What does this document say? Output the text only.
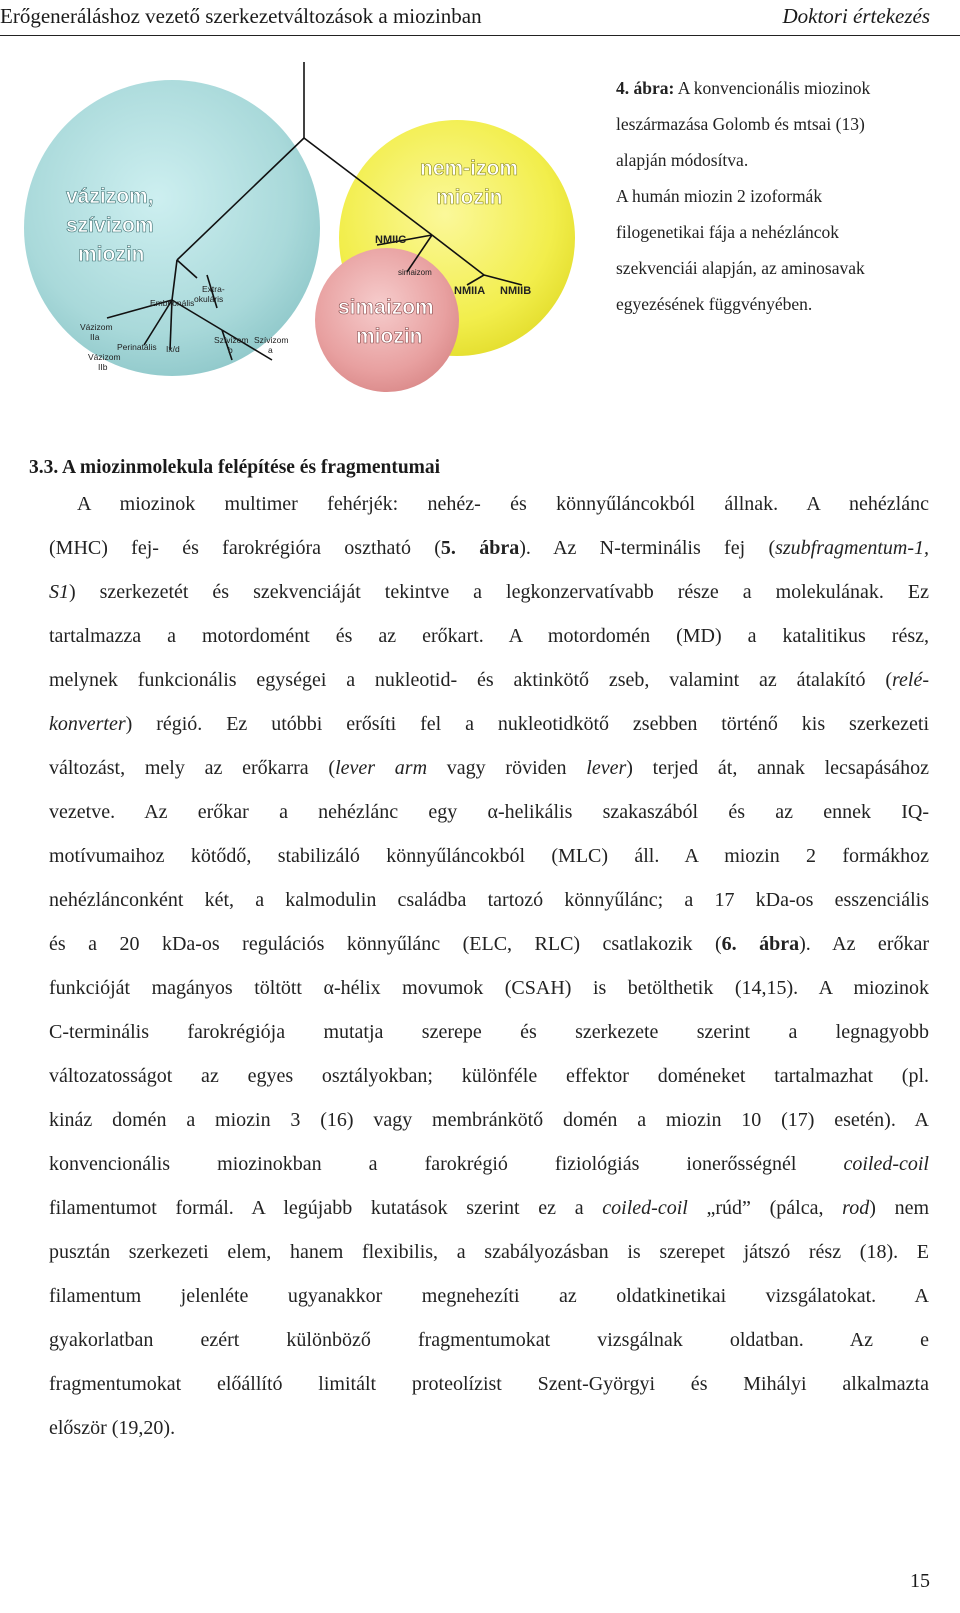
Erőgeneráláshoz vezető szerkezetváltozások a miozinban	Doktori értekezés
vázizom, szívizom miozin
nem-izom miozin
simaizom miozin
Vázizom IIa
Perinatális
Vázizom IIb
Embrionális
Extra-okuláris
Ix/d
Szívizom b
Szívizom a
NMIIC
simaizom
NMIIA NMIIB
4. ábra: A konvencionális miozinok
leszármazása Golomb és mtsai (13)
alapján módosítva.
A humán miozin 2 izoformák
filogenetikai fája a nehézláncok
szekvenciái alapján, az aminosavak
egyezésének függvényében.
3.3. A miozinmolekula felépítése és fragmentumai
A miozinok multimer fehérjék: nehéz- és könnyűláncokból állnak. A nehézlánc
(MHC) fej- és farokrégióra osztható (5. ábra). Az N-terminális fej (szubfragmentum-1,
S1) szerkezetét és szekvenciáját tekintve a legkonzervatívabb része a molekulának. Ez
tartalmazza a motordomént és az erőkart. A motordomén (MD) a katalitikus rész,
melynek funkcionális egységei a nukleotid- és aktinkötő zseb, valamint az átalakító (relé-
konverter) régió. Ez utóbbi erősíti fel a nukleotidkötő zsebben történő kis szerkezeti
változást, mely az erőkarra (lever arm vagy röviden lever) terjed át, annak lecsapásához
vezetve. Az erőkar a nehézlánc egy α-helikális szakaszából és az ennek IQ-
motívumaihoz kötődő, stabilizáló könnyűláncokból (MLC) áll. A miozin 2 formákhoz
nehézlánconként két, a kalmodulin családba tartozó könnyűlánc; a 17 kDa-os esszenciális
és a 20 kDa-os regulációs könnyűlánc (ELC, RLC) csatlakozik (6. ábra). Az erőkar
funkcióját magányos töltött α-hélix movumok (CSAH) is betölthetik (14,15). A miozinok
C-terminális farokrégiója mutatja szerepe és szerkezete szerint a legnagyobb
változatosságot az egyes osztályokban; különféle effektor doméneket tartalmazhat (pl.
kináz domén a miozin 3 (16) vagy membránkötő domén a miozin 10 (17) esetén). A
konvencionális miozinokban a farokrégió fiziológiás ionerősségnél coiled-coil
filamentumot formál. A legújabb kutatások szerint ez a coiled-coil „rúd” (pálca, rod) nem
pusztán szerkezeti elem, hanem flexibilis, a szabályozásban is szerepet játszó rész (18). E
filamentum jelenléte ugyanakkor megnehezíti az oldatkinetikai vizsgálatokat. A
gyakorlatban ezért különböző fragmentumokat vizsgálnak oldatban. Az e
fragmentumokat előállító limitált proteolízist Szent-Györgyi és Mihályi alkalmazta
először (19,20).
15
